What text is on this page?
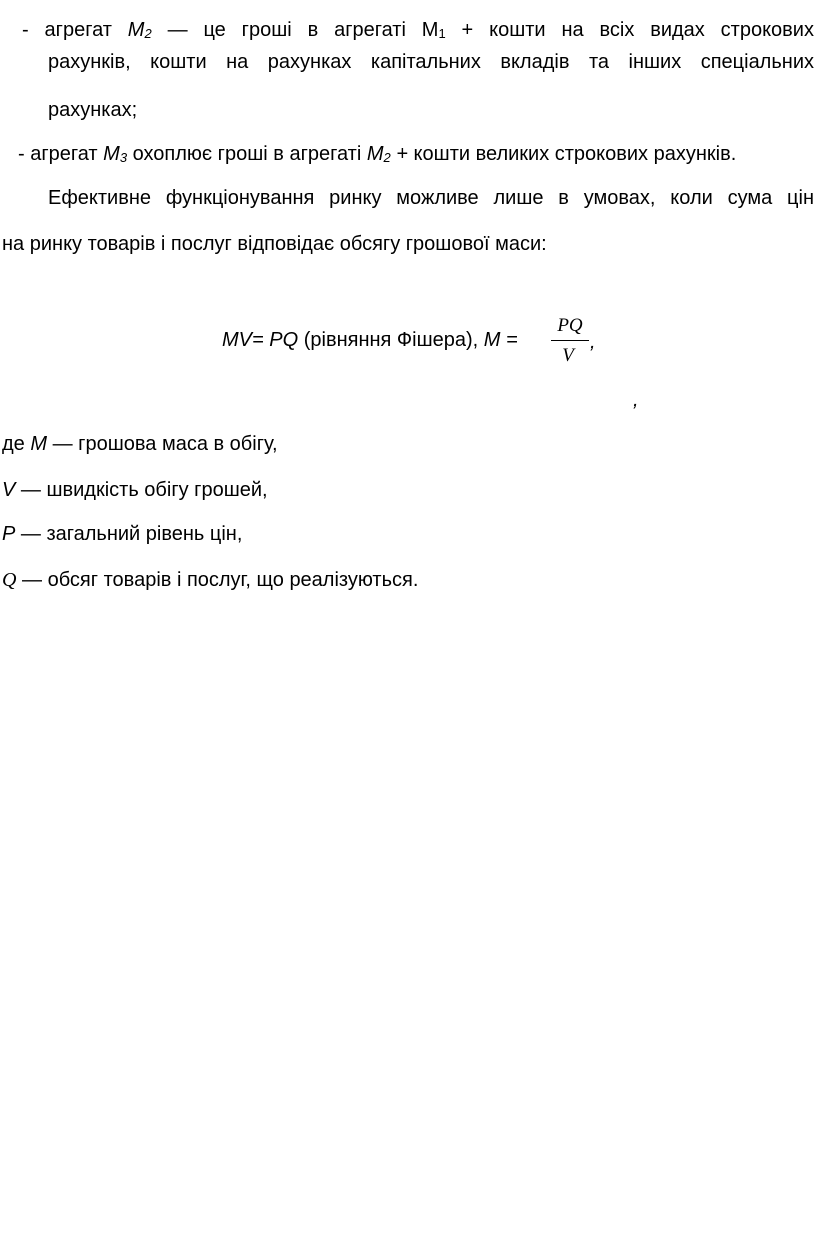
- агрегат M2 — це гроші в агрегаті М1 + кошти на всіх видах строкових
рахунків, кошти на рахунках капітальних вкладів та інших спеціальних
рахунках;
- агрегат M3 охоплює гроші в агрегаті M2 + кошти великих строкових рахунків.
Ефективне функціонування ринку можливе лише в умовах, коли сума цін
на ринку товарів і послуг відповідає обсягу грошової маси:
MV= PQ (рівняння Фішера), M =
PQ
V
,
,
де M — грошова маса в обігу,
V — швидкість обігу грошей,
P — загальний рівень цін,
Q — обсяг товарів і послуг, що реалізуються.
